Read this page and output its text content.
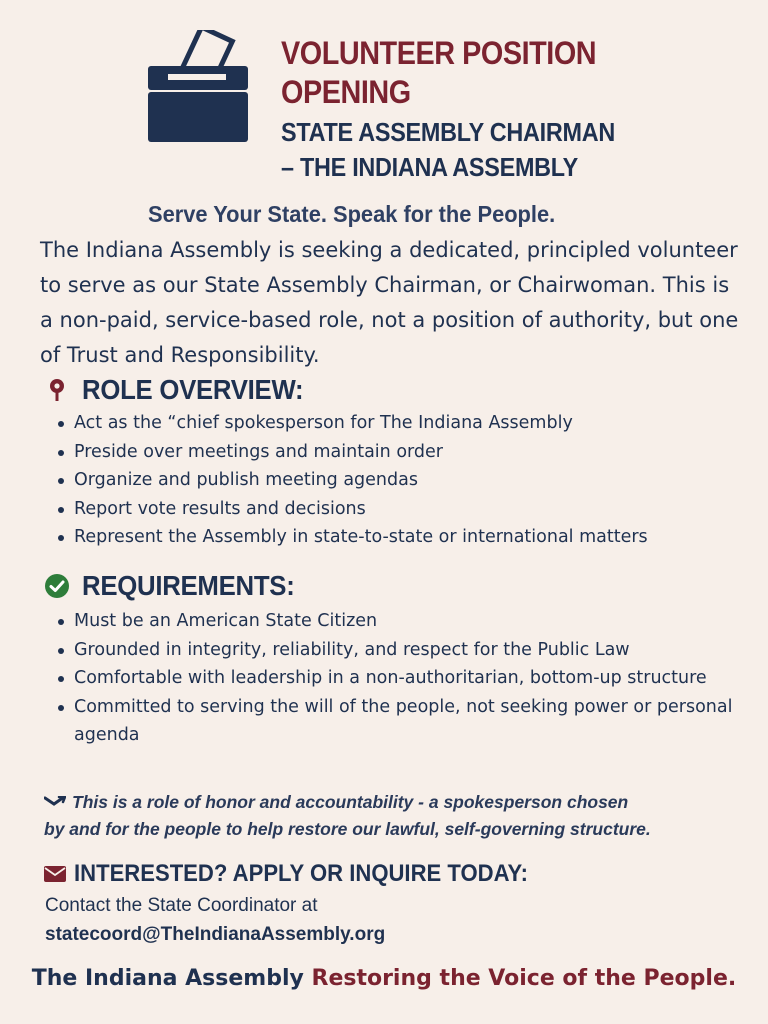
VOLUNTEER POSITION
OPENING
STATE ASSEMBLY CHAIRMAN
– THE INDIANA ASSEMBLY
Serve Your State. Speak for the People.
The Indiana Assembly is seeking a dedicated, principled volunteer to serve as our State Assembly Chairman, or Chairwoman. This is a non-paid, service-based role, not a position of authority, but one of Trust and Responsibility.
ROLE OVERVIEW:
Act as the “chief spokesperson for The Indiana Assembly
Preside over meetings and maintain order
Organize and publish meeting agendas
Report vote results and decisions
Represent the Assembly in state-to-state or international matters
REQUIREMENTS:
Must be an American State Citizen
Grounded in integrity, reliability, and respect for the Public Law
Comfortable with leadership in a non-authoritarian, bottom-up structure
Committed to serving the will of the people, not seeking power or personal agenda
This is a role of honor and accountability - a spokesperson chosen
by and for the people to help restore our lawful, self-governing structure.
INTERESTED? APPLY OR INQUIRE TODAY:
Contact the State Coordinator at
statecoord@TheIndianaAssembly.org
The Indiana Assembly Restoring the Voice of the People.
